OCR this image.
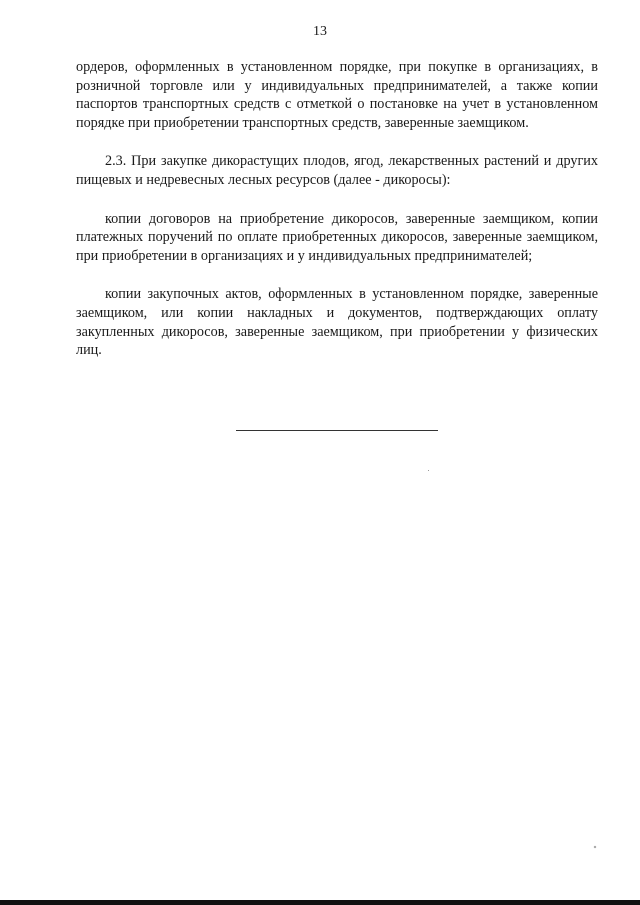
13

ордеров, оформленных в установленном порядке, при покупке в организациях, в розничной торговле или у индивидуальных предпринимателей, а также копии паспортов транспортных средств с отметкой о постановке на учет в установленном порядке при приобретении транспортных средств, заверенные заемщиком.

2.3. При закупке дикорастущих плодов, ягод, лекарственных растений и других пищевых и недревесных лесных ресурсов (далее - дикоросы):

копии договоров на приобретение дикоросов, заверенные заемщиком, копии платежных поручений по оплате приобретенных дикоросов, заверенные заемщиком, при приобретении в организациях и у индивидуальных предпринимателей;

копии закупочных актов, оформленных в установленном порядке, заверенные заемщиком, или копии накладных и документов, подтверждающих оплату закупленных дикоросов, заверенные заемщиком, при приобретении у физических лиц.
